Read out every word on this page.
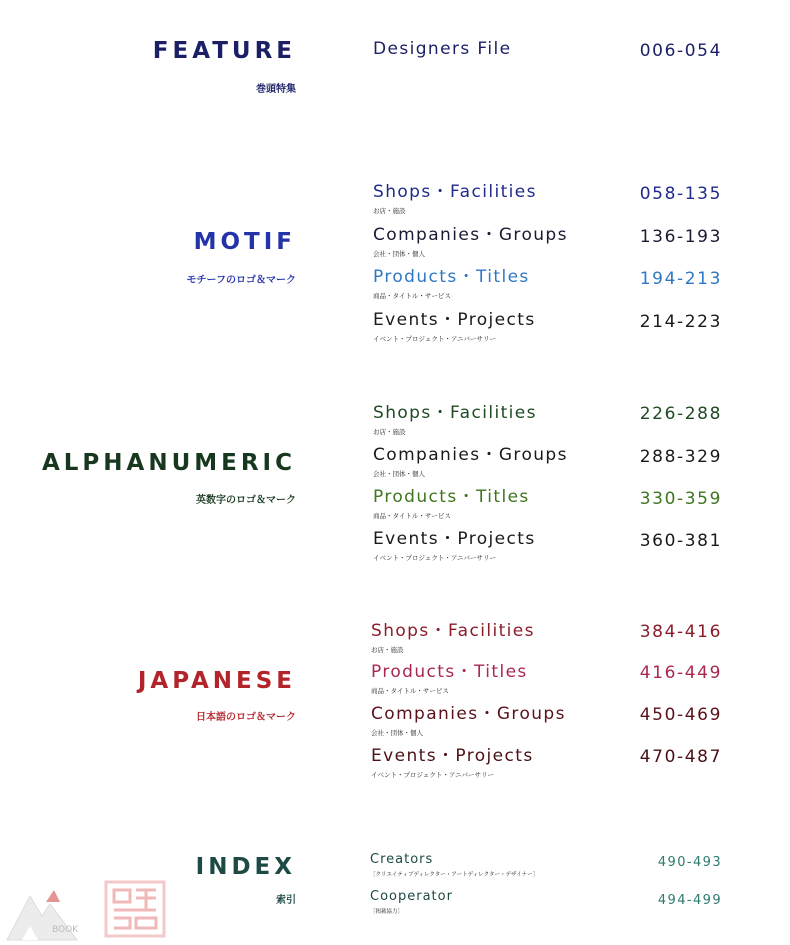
FEATURE
巻頭特集
Designers File	006-054
MOTIF
モチーフのロゴ＆マーク
Shops・Facilities
お店・施設
058-135
Companies・Groups
会社・団体・個人
136-193
Products・Titles
商品・タイトル・サービス
194-213
Events・Projects
イベント・プロジェクト・アニバーサリー
214-223
ALPHANUMERIC
英数字のロゴ＆マーク
Shops・Facilities
お店・施設
226-288
Companies・Groups
会社・団体・個人
288-329
Products・Titles
商品・タイトル・サービス
330-359
Events・Projects
イベント・プロジェクト・アニバーサリー
360-381
JAPANESE
日本語のロゴ＆マーク
Shops・Facilities
お店・施設
384-416
Products・Titles
商品・タイトル・サービス
416-449
Companies・Groups
会社・団体・個人
450-469
Events・Projects
イベント・プロジェクト・アニバーサリー
470-487
INDEX
索引
Creators
［クリエイティブディレクター・アートディレクター・デザイナー］
490-493
Cooperator
［掲載協力］
494-499
BOOK
